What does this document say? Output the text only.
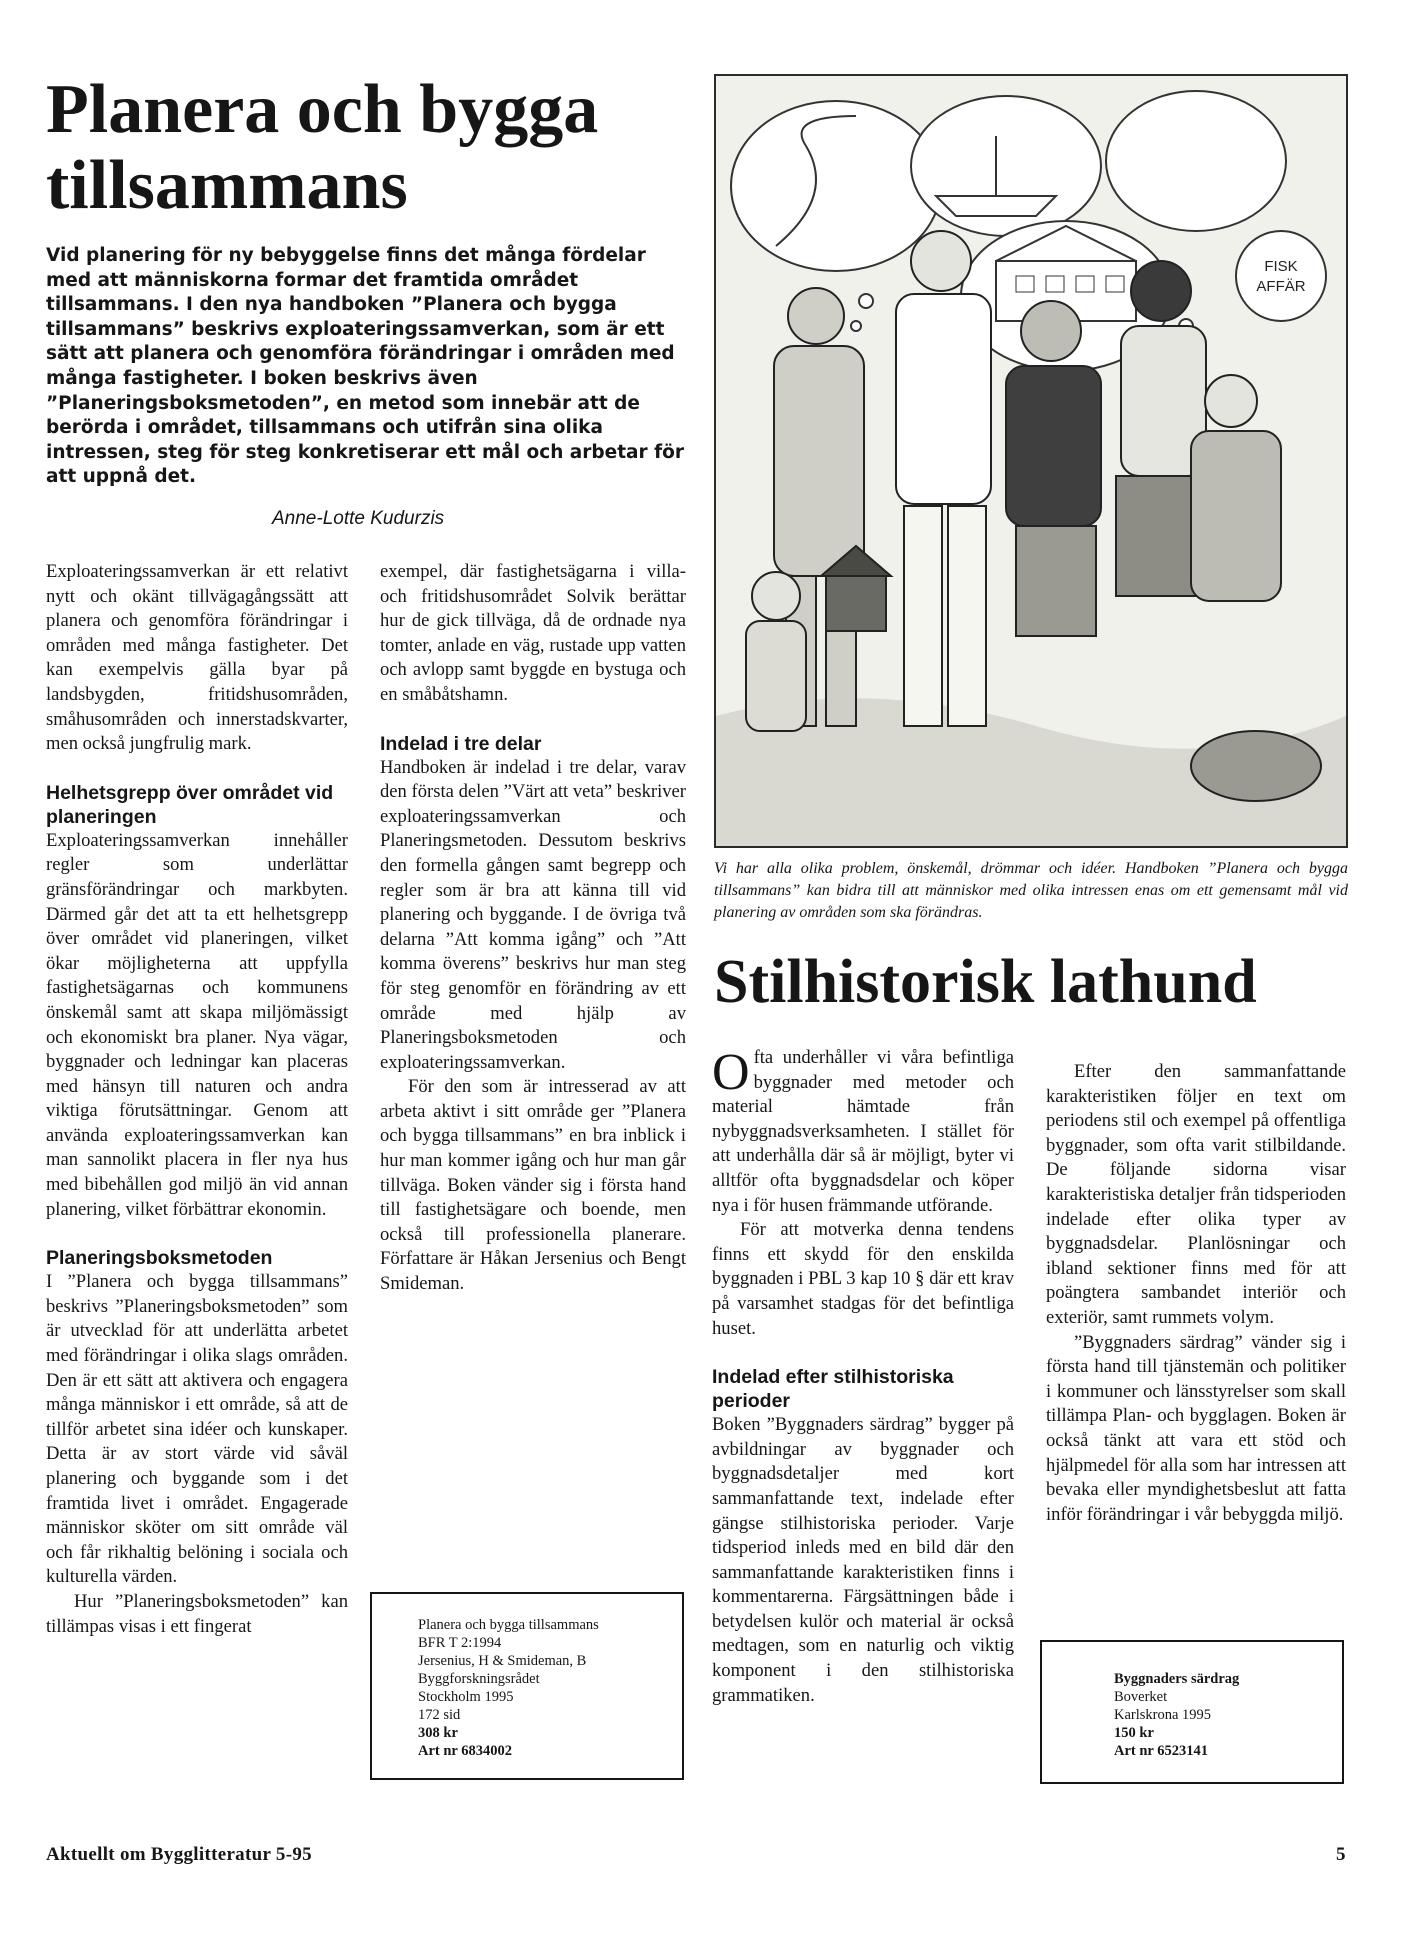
Planera och bygga tillsammans

Vid planering för ny bebyggelse finns det många fördelar med att människorna formar det framtida området tillsammans. I den nya handboken ”Planera och bygga tillsammans” beskrivs exploateringssamverkan, som är ett sätt att planera och genomföra förändringar i områden med många fastigheter. I boken beskrivs även ”Planeringsboksmetoden”, en metod som innebär att de berörda i området, tillsammans och utifrån sina olika intressen, steg för steg konkretiserar ett mål och arbetar för att uppnå det.

Anne-Lotte Kudurzis

Exploateringssamverkan är ett relativt nytt och okänt tillvägagångssätt att planera och genomföra förändringar i områden med många fastigheter. Det kan exempelvis gälla byar på landsbygden, fritidshusområden, småhusområden och innerstadskvarter, men också jungfrulig mark.

Helhetsgrepp över området vid planeringen

Exploateringssamverkan innehåller regler som underlättar gränsförändringar och markbyten. Därmed går det att ta ett helhetsgrepp över området vid planeringen, vilket ökar möjligheterna att uppfylla fastighetsägarnas och kommunens önskemål samt att skapa miljömässigt och ekonomiskt bra planer. Nya vägar, byggnader och ledningar kan placeras med hänsyn till naturen och andra viktiga förutsättningar. Genom att använda exploateringssamverkan kan man sannolikt placera in fler nya hus med bibehållen god miljö än vid annan planering, vilket förbättrar ekonomin.

Planeringsboksmetoden

I ”Planera och bygga tillsammans” beskrivs ”Planeringsboksmetoden” som är utvecklad för att underlätta arbetet med förändringar i olika slags områden. Den är ett sätt att aktivera och engagera många människor i ett område, så att de tillför arbetet sina idéer och kunskaper. Detta är av stort värde vid såväl planering och byggande som i det framtida livet i området. Engagerade människor sköter om sitt område väl och får rikhaltig belöning i sociala och kulturella värden.

Hur ”Planeringsboksmetoden” kan tillämpas visas i ett fingerat

exempel, där fastighetsägarna i villa- och fritidshusområdet Solvik berättar hur de gick tillväga, då de ordnade nya tomter, anlade en väg, rustade upp vatten och avlopp samt byggde en bystuga och en småbåtshamn.

Indelad i tre delar

Handboken är indelad i tre delar, varav den första delen ”Värt att veta” beskriver exploateringssamverkan och Planeringsmetoden. Dessutom beskrivs den formella gången samt begrepp och regler som är bra att känna till vid planering och byggande. I de övriga två delarna ”Att komma igång” och ”Att komma överens” beskrivs hur man steg för steg genomför en förändring av ett område med hjälp av Planeringsboksmetoden och exploateringssamverkan.

För den som är intresserad av att arbeta aktivt i sitt område ger ”Planera och bygga tillsammans” en bra inblick i hur man kommer igång och hur man går tillväga. Boken vänder sig i första hand till fastighetsägare och boende, men också till professionella planerare. Författare är Håkan Jersenius och Bengt Smideman.

Planera och bygga tillsammans
BFR T 2:1994
Jersenius, H & Smideman, B
Byggforskningsrådet
Stockholm 1995
172 sid
308 kr
Art nr 6834002
FISK
AFFÄR

Vi har alla olika problem, önskemål, drömmar och idéer. Handboken ”Planera och bygga tillsammans” kan bidra till att människor med olika intressen enas om ett gemensamt mål vid planering av områden som ska förändras.

Stilhistorisk lathund

Ofta underhåller vi våra befintliga byggnader med metoder och material hämtade från nybyggnadsverksamheten. I stället för att underhålla där så är möjligt, byter vi alltför ofta byggnadsdelar och köper nya i för husen främmande utförande.

För att motverka denna tendens finns ett skydd för den enskilda byggnaden i PBL 3 kap 10 § där ett krav på varsamhet stadgas för det befintliga huset.

Indelad efter stilhistoriska perioder

Boken ”Byggnaders särdrag” bygger på avbildningar av byggnader och byggnadsdetaljer med kort sammanfattande text, indelade efter gängse stilhistoriska perioder. Varje tidsperiod inleds med en bild där den sammanfattande karakteristiken finns i kommentarerna. Färgsättningen både i betydelsen kulör och material är också medtagen, som en naturlig och viktig komponent i den stilhistoriska grammatiken.

Efter den sammanfattande karakteristiken följer en text om periodens stil och exempel på offentliga byggnader, som ofta varit stilbildande. De följande sidorna visar karakteristiska detaljer från tidsperioden indelade efter olika typer av byggnadsdelar. Planlösningar och ibland sektioner finns med för att poängtera sambandet interiör och exteriör, samt rummets volym.

”Byggnaders särdrag” vänder sig i första hand till tjänstemän och politiker i kommuner och länsstyrelser som skall tillämpa Plan- och bygglagen. Boken är också tänkt att vara ett stöd och hjälpmedel för alla som har intressen att bevaka eller myndighetsbeslut att fatta inför förändringar i vår bebyggda miljö.

Byggnaders särdrag
Boverket
Karlskrona 1995
150 kr
Art nr 6523141

Aktuellt om Bygglitteratur 5-95	5
